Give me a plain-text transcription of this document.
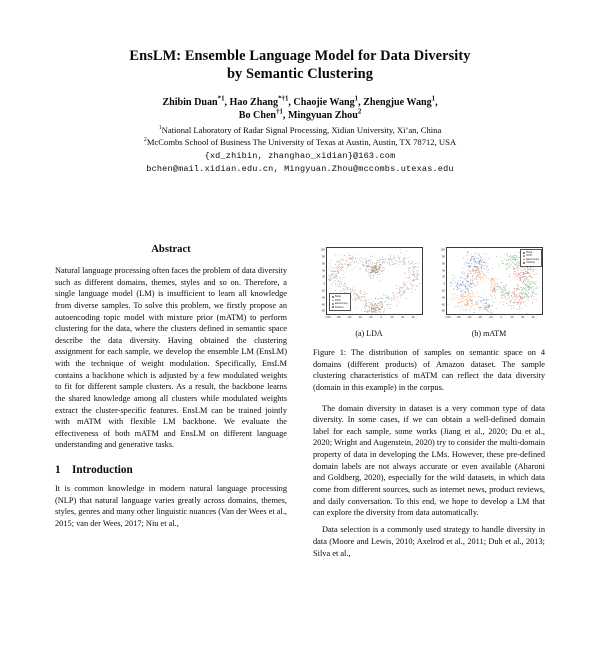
EnsLM: Ensemble Language Model for Data Diversity
by Semantic Clustering
Zhibin Duan$^{*1}$, Hao Zhang$^{*\dagger 1}$, Chaojie Wang$^1$, Zhengjue Wang$^1$,
Bo Chen$^{\dagger 1}$, Mingyuan Zhou$^2$
$^1$National Laboratory of Radar Signal Processing, Xidian University, Xi’an, China
$^2$McCombs School of Business The University of Texas at Austin, Austin, TX 78712, USA
{xd_zhibin, zhanghao_xidian}@163.com
bchen@mail.xidian.edu.cn, Mingyuan.Zhou@mccombs.utexas.edu
Abstract

Natural language processing often faces the problem of data diversity such as different domains, themes, styles and so on. Therefore, a single language model (LM) is insufficient to learn all knowledge from diverse samples. To solve this problem, we firstly propose an autoencoding topic model with mixture prior (mATM) to perform clustering for the data, where the clusters defined in semantic space describe the data diversity. Having obtained the clustering assignment for each sample, we develop the ensemble LM (EnsLM) with the technique of weight modulation. Specifically, EnsLM contains a backbone which is adjusted by a few modulated weights to fit for different sample clusters. As a result, the backbone learns the shared knowledge among all clusters while modulated weights extract the cluster-specific features. EnsLM can be trained jointly with mATM with flexible LM backbone. We evaluate the effectiveness of both mATM and EnsLM on different language understanding and generative tasks.

1 Introduction

It is common knowledge in modern natural language processing (NLP) that natural language varies greatly across domains, themes, styles, genres and many other linguistic nuances (Van der Wees et al., 2015; van der Wees, 2017; Niu et al.,

100
80
60
40
20
0
-20
-40
-60
-80
-100 -80	-60	-40	-20	0	20	40	60
Book
DVD
Electronics
Kitchen
(a) LDA
100
80
60
40
20
0
-20
-40
-60
-80
-100 -80	-60	-40	-20	0	20	40	60
Book
DVD
Electronics
Kitchen
(b) mATM

Figure 1: The distribution of samples on semantic space on 4 domains (different products) of Amazon dataset. The sample clustering characteristics of mATM can reflect the data diversity (domain in this example) in the corpus.

The domain diversity in dataset is a very common type of data diversity. In some cases, if we can obtain a well-defined domain label for each sample, some works (Jiang et al., 2020; Du et al., 2020; Wright and Augenstein, 2020) try to consider the multi-domain property of data in developing the LMs. However, these pre-defined domain labels are not always accurate or even available (Aharoni and Goldberg, 2020), especially for the wild datasets, in which data come from different sources, such as internet news, product reviews, and daily conversation. To this end, we hope to develop a LM that can explore the diversity from data automatically.

Data selection is a commonly used strategy to handle diversity in data (Moore and Lewis, 2010; Axelrod et al., 2011; Duh et al., 2013; Silva et al.,
